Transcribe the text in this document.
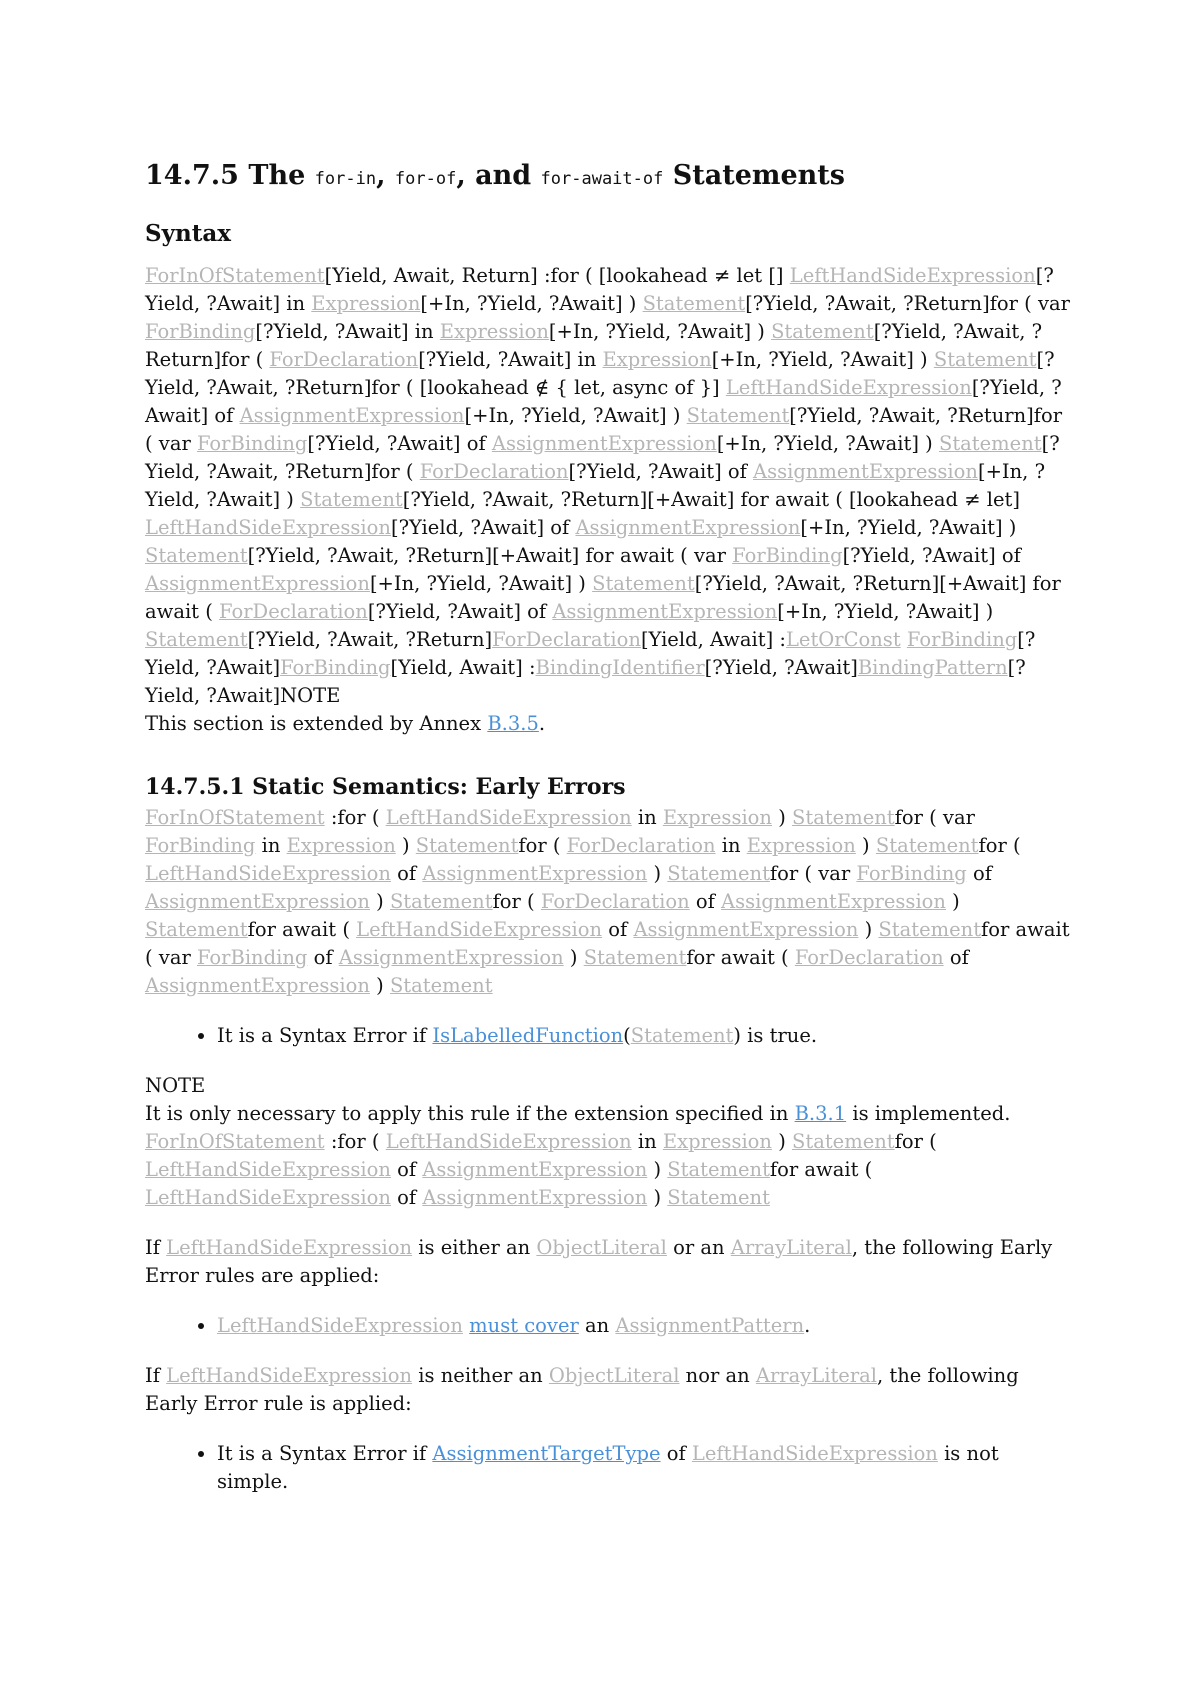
14.7.5 The for-in, for-of, and for-await-of Statements
Syntax

ForInOfStatement[Yield, Await, Return] :for ( [lookahead ≠ let [] LeftHandSideExpression[?Yield, ?Await] in Expression[+In, ?Yield, ?Await] ) Statement[?Yield, ?Await, ?Return]for ( var ForBinding[?Yield, ?Await] in Expression[+In, ?Yield, ?Await] ) Statement[?Yield, ?Await, ?Return]for ( ForDeclaration[?Yield, ?Await] in Expression[+In, ?Yield, ?Await] ) Statement[?Yield, ?Await, ?Return]for ( [lookahead ∉ { let, async of }] LeftHandSideExpression[?Yield, ?Await] of AssignmentExpression[+In, ?Yield, ?Await] ) Statement[?Yield, ?Await, ?Return]for ( var ForBinding[?Yield, ?Await] of AssignmentExpression[+In, ?Yield, ?Await] ) Statement[?Yield, ?Await, ?Return]for ( ForDeclaration[?Yield, ?Await] of AssignmentExpression[+In, ?Yield, ?Await] ) Statement[?Yield, ?Await, ?Return][+Await] for await ( [lookahead ≠ let] LeftHandSideExpression[?Yield, ?Await] of AssignmentExpression[+In, ?Yield, ?Await] ) Statement[?Yield, ?Await, ?Return][+Await] for await ( var ForBinding[?Yield, ?Await] of AssignmentExpression[+In, ?Yield, ?Await] ) Statement[?Yield, ?Await, ?Return][+Await] for await ( ForDeclaration[?Yield, ?Await] of AssignmentExpression[+In, ?Yield, ?Await] ) Statement[?Yield, ?Await, ?Return]ForDeclaration[Yield, Await] :LetOrConst ForBinding[?Yield, ?Await]ForBinding[Yield, Await] :BindingIdentifier[?Yield, ?Await]BindingPattern[?Yield, ?Await]NOTE

This section is extended by Annex B.3.5.

14.7.5.1 Static Semantics: Early Errors

ForInOfStatement :for ( LeftHandSideExpression in Expression ) Statementfor ( var ForBinding in Expression ) Statementfor ( ForDeclaration in Expression ) Statementfor ( LeftHandSideExpression of AssignmentExpression ) Statementfor ( var ForBinding of AssignmentExpression ) Statementfor ( ForDeclaration of AssignmentExpression ) Statementfor await ( LeftHandSideExpression of AssignmentExpression ) Statementfor await ( var ForBinding of AssignmentExpression ) Statementfor await ( ForDeclaration of AssignmentExpression ) Statement

• It is a Syntax Error if IsLabelledFunction(Statement) is true.

NOTE

It is only necessary to apply this rule if the extension specified in B.3.1 is implemented.

ForInOfStatement :for ( LeftHandSideExpression in Expression ) Statementfor ( LeftHandSideExpression of AssignmentExpression ) Statementfor await ( LeftHandSideExpression of AssignmentExpression ) Statement

If LeftHandSideExpression is either an ObjectLiteral or an ArrayLiteral, the following Early Error rules are applied:

• LeftHandSideExpression must cover an AssignmentPattern.

If LeftHandSideExpression is neither an ObjectLiteral nor an ArrayLiteral, the following Early Error rule is applied:

• It is a Syntax Error if AssignmentTargetType of LeftHandSideExpression is not simple.
